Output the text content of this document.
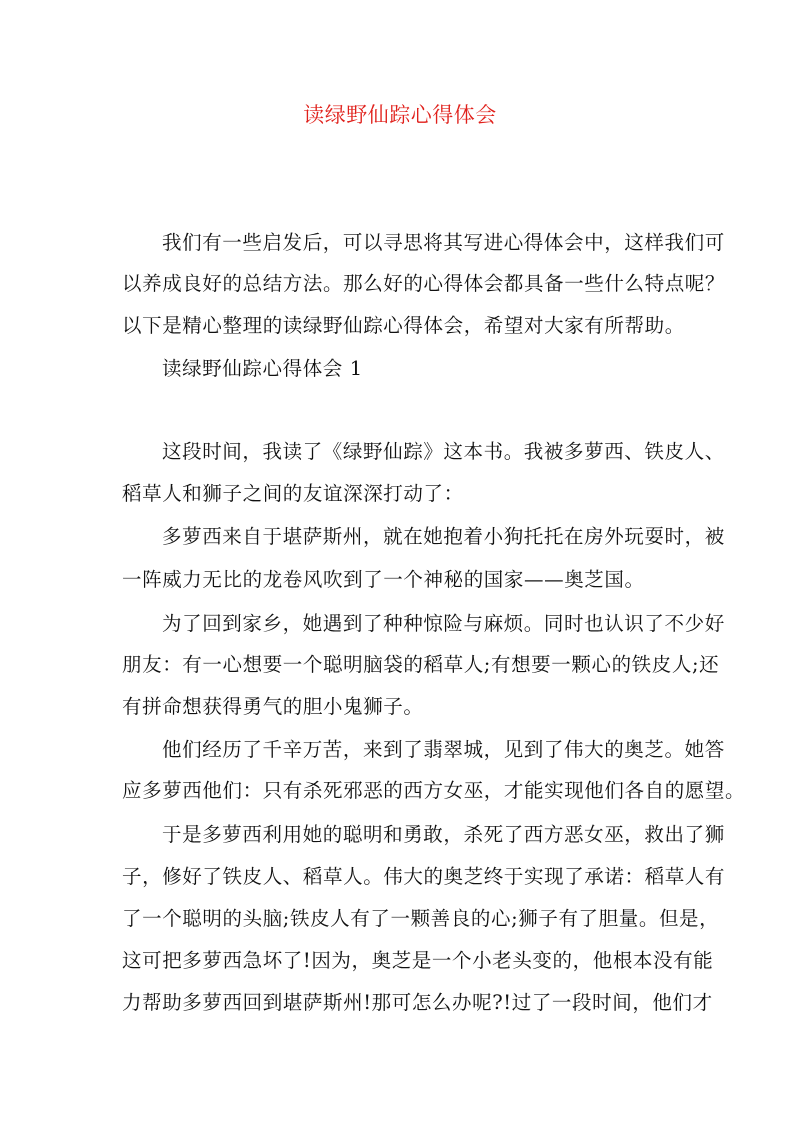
读绿野仙踪心得体会
我们有一些启发后，可以寻思将其写进心得体会中，这样我们可
以养成良好的总结方法。那么好的心得体会都具备一些什么特点呢？
以下是精心整理的读绿野仙踪心得体会，希望对大家有所帮助。
读绿野仙踪心得体会 1
这段时间，我读了《绿野仙踪》这本书。我被多萝西、铁皮人、
稻草人和狮子之间的友谊深深打动了：
多萝西来自于堪萨斯州，就在她抱着小狗托托在房外玩耍时，被
一阵威力无比的龙卷风吹到了一个神秘的国家——奥芝国。
为了回到家乡，她遇到了种种惊险与麻烦。同时也认识了不少好
朋友：有一心想要一个聪明脑袋的稻草人;有想要一颗心的铁皮人;还
有拼命想获得勇气的胆小鬼狮子。
他们经历了千辛万苦，来到了翡翠城，见到了伟大的奥芝。她答
应多萝西他们：只有杀死邪恶的西方女巫，才能实现他们各自的愿望。
于是多萝西利用她的聪明和勇敢，杀死了西方恶女巫，救出了狮
子，修好了铁皮人、稻草人。伟大的奥芝终于实现了承诺：稻草人有
了一个聪明的头脑;铁皮人有了一颗善良的心;狮子有了胆量。但是，
这可把多萝西急坏了!因为，奥芝是一个小老头变的，他根本没有能
力帮助多萝西回到堪萨斯州!那可怎么办呢?!过了一段时间，他们才
